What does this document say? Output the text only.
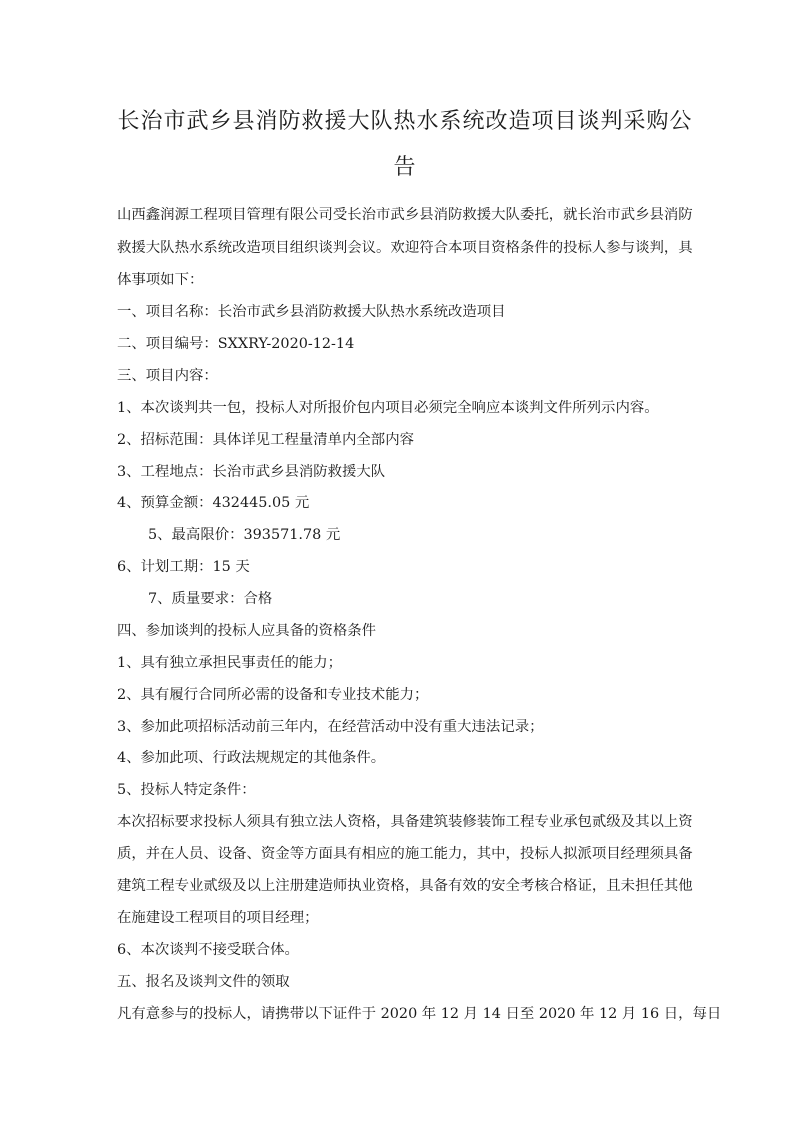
长治市武乡县消防救援大队热水系统改造项目谈判采购公
告

山西鑫润源工程项目管理有限公司受长治市武乡县消防救援大队委托，就长治市武乡县消防

救援大队热水系统改造项目组织谈判会议。欢迎符合本项目资格条件的投标人参与谈判，具

体事项如下：

一、项目名称：长治市武乡县消防救援大队热水系统改造项目

二、项目编号：SXXRY-2020-12-14

三、项目内容：

1、本次谈判共一包，投标人对所报价包内项目必须完全响应本谈判文件所列示内容。

2、招标范围：具体详见工程量清单内全部内容

3、工程地点：长治市武乡县消防救援大队

4、预算金额：432445.05 元

5、最高限价：393571.78 元

6、计划工期：15 天

7、质量要求：合格

四、参加谈判的投标人应具备的资格条件

1、具有独立承担民事责任的能力；

2、具有履行合同所必需的设备和专业技术能力；

3、参加此项招标活动前三年内，在经营活动中没有重大违法记录；

4、参加此项、行政法规规定的其他条件。

5、投标人特定条件：

本次招标要求投标人须具有独立法人资格，具备建筑装修装饰工程专业承包贰级及其以上资

质，并在人员、设备、资金等方面具有相应的施工能力，其中，投标人拟派项目经理须具备

建筑工程专业贰级及以上注册建造师执业资格，具备有效的安全考核合格证，且未担任其他

在施建设工程项目的项目经理；

6、本次谈判不接受联合体。

五、报名及谈判文件的领取

凡有意参与的投标人，请携带以下证件于 2020 年 12 月 14 日至 2020 年 12 月 16 日，每日
